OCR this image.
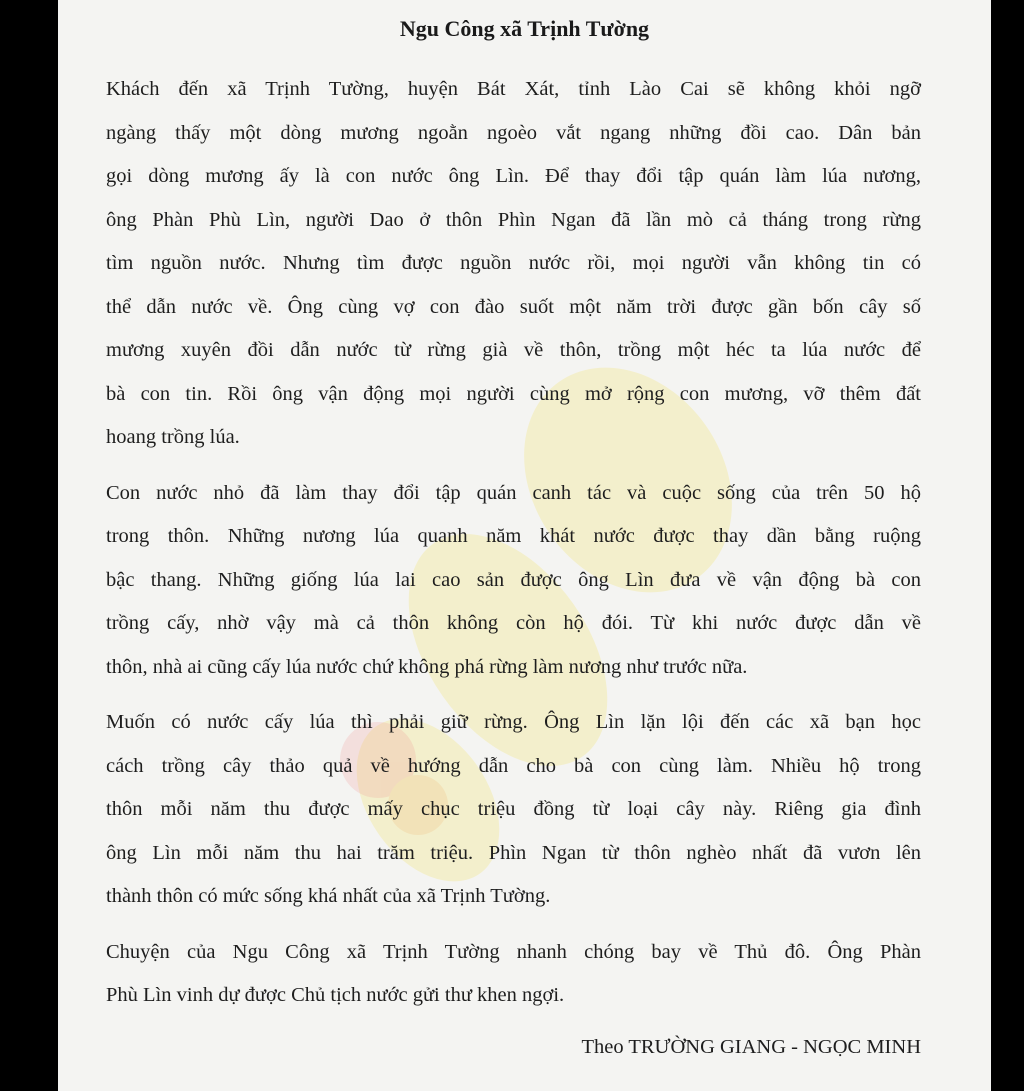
Ngu Công xã Trịnh Tường
Khách đến xã Trịnh Tường, huyện Bát Xát, tỉnh Lào Cai sẽ không khỏi ngỡ
ngàng thấy một dòng mương ngoằn ngoèo vắt ngang những đồi cao. Dân bản
gọi dòng mương ấy là con nước ông Lìn. Để thay đổi tập quán làm lúa nương,
ông Phàn Phù Lìn, người Dao ở thôn Phìn Ngan đã lần mò cả tháng trong rừng
tìm nguồn nước. Nhưng tìm được nguồn nước rồi, mọi người vẫn không tin có
thể dẫn nước về. Ông cùng vợ con đào suốt một năm trời được gần bốn cây số
mương xuyên đồi dẫn nước từ rừng già về thôn, trồng một héc ta lúa nước để
bà con tin. Rồi ông vận động mọi người cùng mở rộng con mương, vỡ thêm đất
hoang trồng lúa.
Con nước nhỏ đã làm thay đổi tập quán canh tác và cuộc sống của trên 50 hộ
trong thôn. Những nương lúa quanh năm khát nước được thay dần bằng ruộng
bậc thang. Những giống lúa lai cao sản được ông Lìn đưa về vận động bà con
trồng cấy, nhờ vậy mà cả thôn không còn hộ đói. Từ khi nước được dẫn về
thôn, nhà ai cũng cấy lúa nước chứ không phá rừng làm nương như trước nữa.
Muốn có nước cấy lúa thì phải giữ rừng. Ông Lìn lặn lội đến các xã bạn học
cách trồng cây thảo quả về hướng dẫn cho bà con cùng làm. Nhiều hộ trong
thôn mỗi năm thu được mấy chục triệu đồng từ loại cây này. Riêng gia đình
ông Lìn mỗi năm thu hai trăm triệu. Phìn Ngan từ thôn nghèo nhất đã vươn lên
thành thôn có mức sống khá nhất của xã Trịnh Tường.
Chuyện của Ngu Công xã Trịnh Tường nhanh chóng bay về Thủ đô. Ông Phàn
Phù Lìn vinh dự được Chủ tịch nước gửi thư khen ngợi.
Theo TRƯỜNG GIANG - NGỌC MINH
